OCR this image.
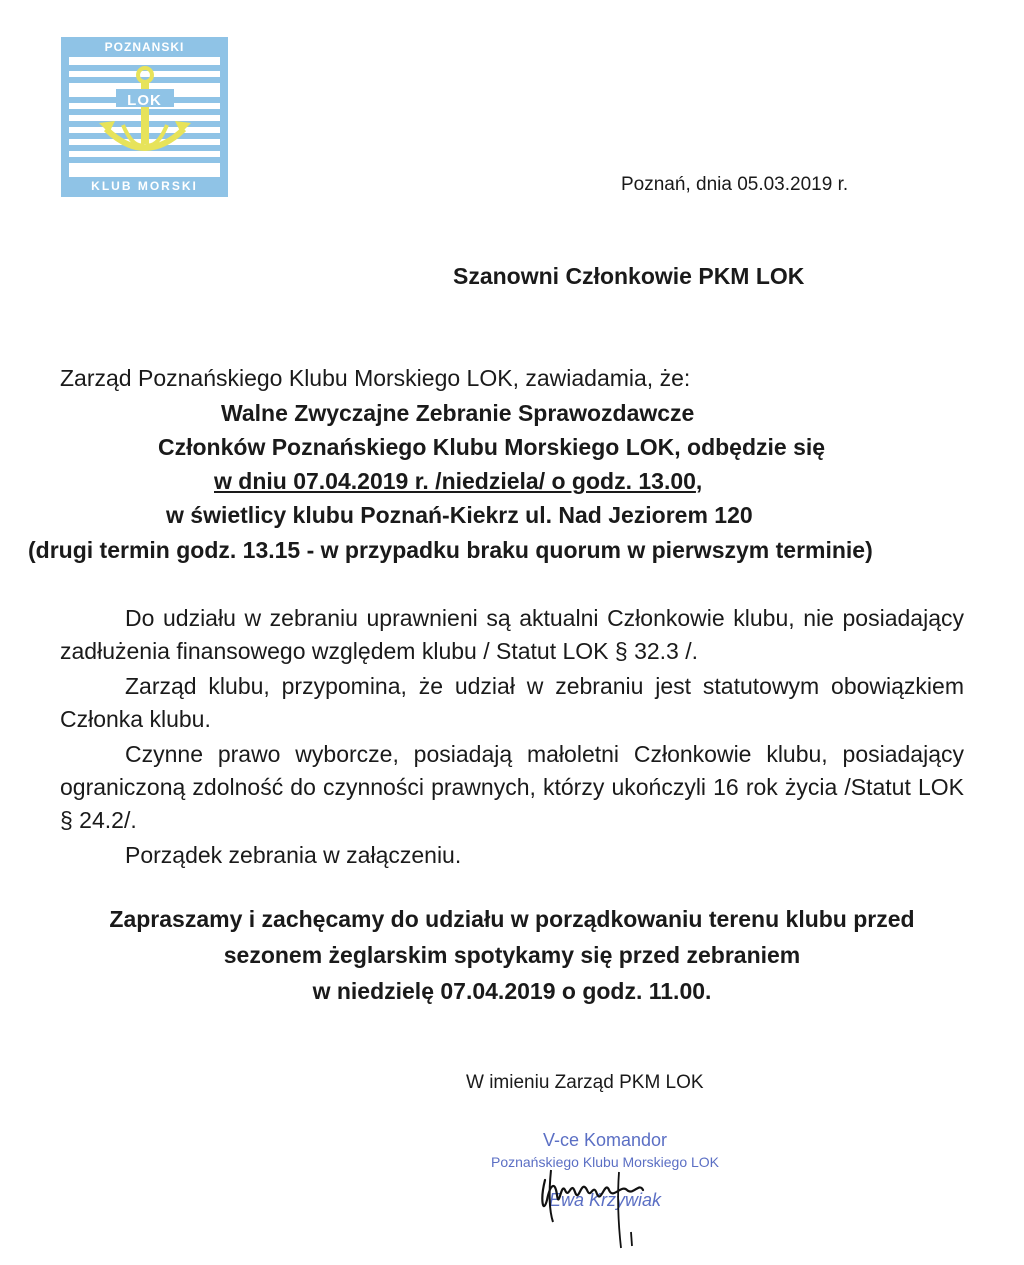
POZNANSKI
LOK
KLUB MORSKI	Poznań, dnia 05.03.2019 r.
Szanowni Członkowie PKM LOK
Zarząd Poznańskiego Klubu Morskiego LOK, zawiadamia, że:
Walne Zwyczajne Zebranie Sprawozdawcze
Członków Poznańskiego Klubu Morskiego LOK, odbędzie się
w dniu 07.04.2019 r. /niedziela/ o godz. 13.00,
w świetlicy klubu Poznań-Kiekrz ul. Nad Jeziorem 120
(drugi termin godz. 13.15 - w przypadku braku quorum w pierwszym terminie)
Do udziału w zebraniu uprawnieni są aktualni Członkowie klubu, nie posiadający zadłużenia finansowego względem klubu / Statut LOK § 32.3 /.
Zarząd klubu, przypomina, że udział w zebraniu jest statutowym obowiązkiem Członka klubu.
Czynne prawo wyborcze, posiadają małoletni Członkowie klubu, posiadający ograniczoną zdolność do czynności prawnych, którzy ukończyli 16 rok życia /Statut LOK § 24.2/.
Porządek zebrania w załączeniu.
Zapraszamy i zachęcamy do udziału w porządkowaniu terenu klubu przed
sezonem żeglarskim spotykamy się przed zebraniem
w niedzielę 07.04.2019 o godz. 11.00.
W imieniu Zarząd PKM LOK
V-ce Komandor
Poznańskiego Klubu Morskiego LOK
Ewa Krzywiak
